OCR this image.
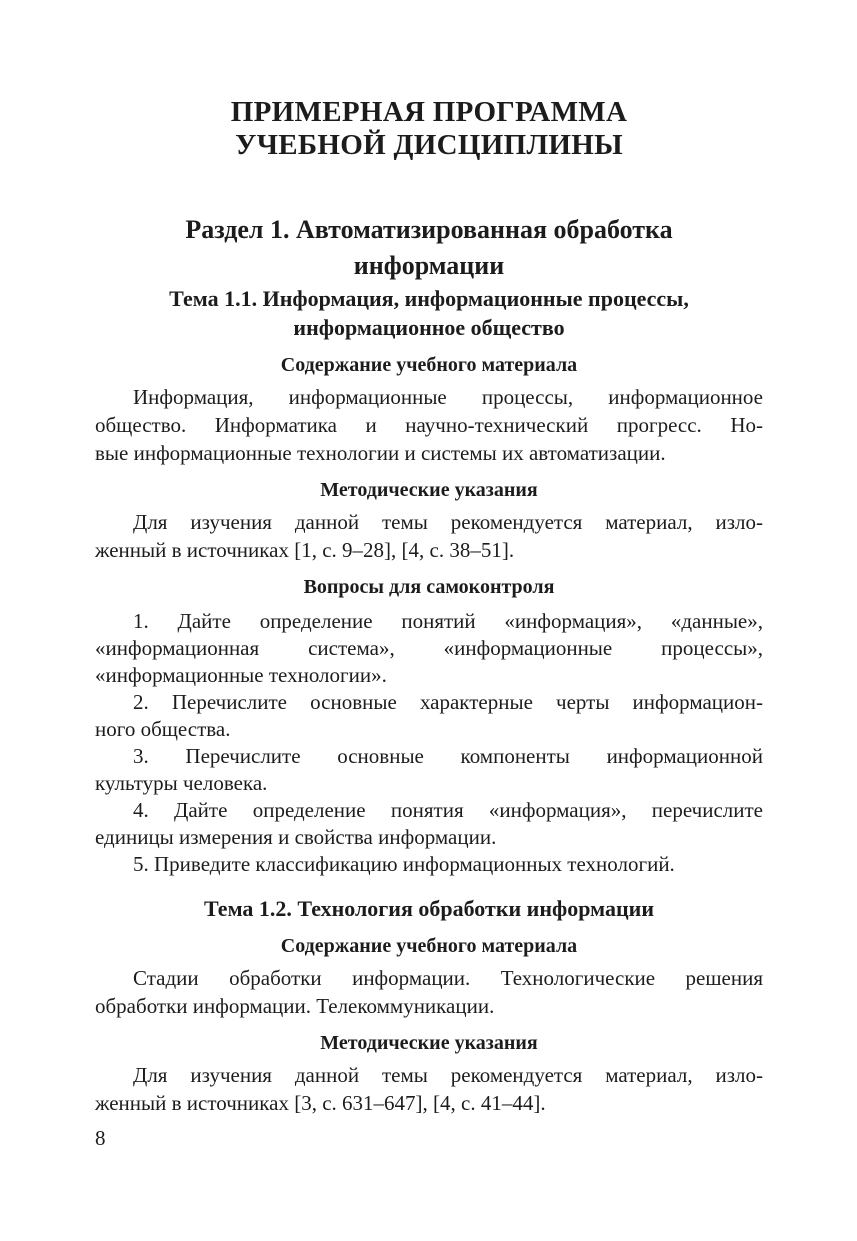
ПРИМЕРНАЯ ПРОГРАММА
УЧЕБНОЙ ДИСЦИПЛИНЫ
Раздел 1. Автоматизированная обработка
информации
Тема 1.1. Информация, информационные процессы,
информационное общество
Содержание учебного материала
Информация, информационные процессы, информационное
общество. Информатика и научно-технический прогресс. Но-
вые информационные технологии и системы их автоматизации.
Методические указания
Для изучения данной темы рекомендуется материал, изло-
женный в источниках [1, с. 9–28], [4, с. 38–51].
Вопросы для самоконтроля
1. Дайте определение понятий «информация», «данные»,
«информационная система», «информационные процессы»,
«информационные технологии».
2. Перечислите основные характерные черты информацион-
ного общества.
3. Перечислите основные компоненты информационной
культуры человека.
4. Дайте определение понятия «информация», перечислите
единицы измерения и свойства информации.
5. Приведите классификацию информационных технологий.
Тема 1.2. Технология обработки информации
Содержание учебного материала
Стадии обработки информации. Технологические решения
обработки информации. Телекоммуникации.
Методические указания
Для изучения данной темы рекомендуется материал, изло-
женный в источниках [3, с. 631–647], [4, с. 41–44].
8
